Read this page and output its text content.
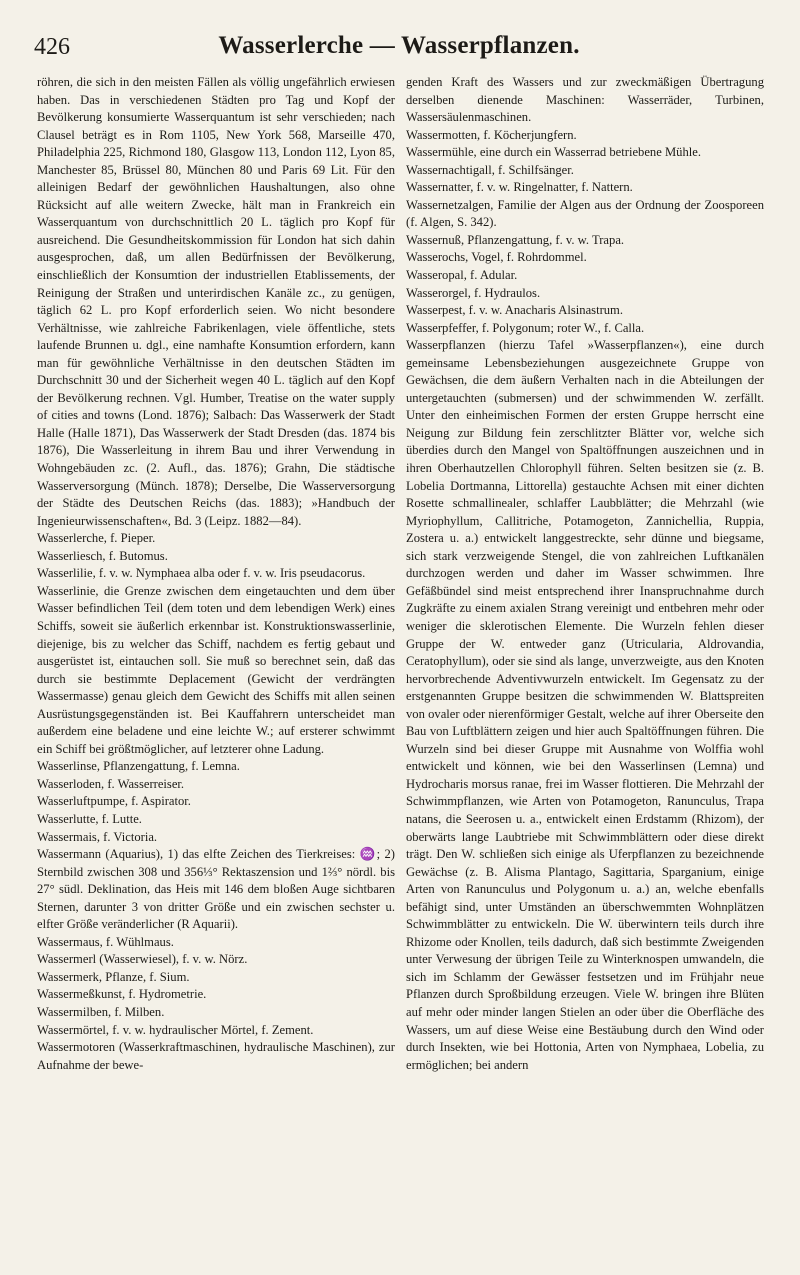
426	Wasserlerche — Wasserpflanzen.

röhren, die sich in den meisten Fällen als völlig ungefährlich erwiesen haben. Das in verschiedenen Städten pro Tag und Kopf der Bevölkerung konsumierte Wasserquantum ist sehr verschieden; nach Clausel beträgt es in Rom 1105, New York 568, Marseille 470, Philadelphia 225, Richmond 180, Glasgow 113, London 112, Lyon 85, Manchester 85, Brüssel 80, München 80 und Paris 69 Lit. Für den alleinigen Bedarf der gewöhnlichen Haushaltungen, also ohne Rücksicht auf alle weitern Zwecke, hält man in Frankreich ein Wasserquantum von durchschnittlich 20 L. täglich pro Kopf für ausreichend. Die Gesundheitskommission für London hat sich dahin ausgesprochen, daß, um allen Bedürfnissen der Bevölkerung, einschließlich der Konsumtion der industriellen Etablissements, der Reinigung der Straßen und unterirdischen Kanäle zc., zu genügen, täglich 62 L. pro Kopf erforderlich seien. Wo nicht besondere Verhältnisse, wie zahlreiche Fabrikenlagen, viele öffentliche, stets laufende Brunnen u. dgl., eine namhafte Konsumtion erfordern, kann man für gewöhnliche Verhältnisse in den deutschen Städten im Durchschnitt 30 und der Sicherheit wegen 40 L. täglich auf den Kopf der Bevölkerung rechnen. Vgl. Humber, Treatise on the water supply of cities and towns (Lond. 1876); Salbach: Das Wasserwerk der Stadt Halle (Halle 1871), Das Wasserwerk der Stadt Dresden (das. 1874 bis 1876), Die Wasserleitung in ihrem Bau und ihrer Verwendung in Wohngebäuden zc. (2. Aufl., das. 1876); Grahn, Die städtische Wasserversorgung (Münch. 1878); Derselbe, Die Wasserversorgung der Städte des Deutschen Reichs (das. 1883); »Handbuch der Ingenieurwissenschaften«, Bd. 3 (Leipz. 1882—84).

Wasserlerche, f. Pieper.

Wasserliesch, f. Butomus.

Wasserlilie, f. v. w. Nymphaea alba oder f. v. w. Iris pseudacorus.

Wasserlinie, die Grenze zwischen dem eingetauchten und dem über Wasser befindlichen Teil (dem toten und dem lebendigen Werk) eines Schiffs, soweit sie äußerlich erkennbar ist. Konstruktionswasserlinie, diejenige, bis zu welcher das Schiff, nachdem es fertig gebaut und ausgerüstet ist, eintauchen soll. Sie muß so berechnet sein, daß das durch sie bestimmte Deplacement (Gewicht der verdrängten Wassermasse) genau gleich dem Gewicht des Schiffs mit allen seinen Ausrüstungsgegenständen ist. Bei Kauffahrern unterscheidet man außerdem eine beladene und eine leichte W.; auf ersterer schwimmt ein Schiff bei größtmöglicher, auf letzterer ohne Ladung.

Wasserlinse, Pflanzengattung, f. Lemna.

Wasserloden, f. Wasserreiser.

Wasserluftpumpe, f. Aspirator.

Wasserlutte, f. Lutte.

Wassermais, f. Victoria.

Wassermann (Aquarius), 1) das elfte Zeichen des Tierkreises: ♒; 2) Sternbild zwischen 308 und 356⅓° Rektaszension und 1⅔° nördl. bis 27° südl. Deklination, das Heis mit 146 dem bloßen Auge sichtbaren Sternen, darunter 3 von dritter Größe und ein zwischen sechster u. elfter Größe veränderlicher (R Aquarii).

Wassermaus, f. Wühlmaus.

Wassermerl (Wasserwiesel), f. v. w. Nörz.

Wassermerk, Pflanze, f. Sium.

Wassermeßkunst, f. Hydrometrie.

Wassermilben, f. Milben.

Wassermörtel, f. v. w. hydraulischer Mörtel, f. Zement.

Wassermotoren (Wasserkraftmaschinen, hydraulische Maschinen), zur Aufnahme der bewe-

genden Kraft des Wassers und zur zweckmäßigen Übertragung derselben dienende Maschinen: Wasserräder, Turbinen, Wassersäulenmaschinen.

Wassermotten, f. Köcherjungfern.

Wassermühle, eine durch ein Wasserrad betriebene Mühle.

Wassernachtigall, f. Schilfsänger.

Wassernatter, f. v. w. Ringelnatter, f. Nattern.

Wassernetzalgen, Familie der Algen aus der Ordnung der Zoosporeen (f. Algen, S. 342).

Wassernuß, Pflanzengattung, f. v. w. Trapa.

Wasserochs, Vogel, f. Rohrdommel.

Wasseropal, f. Adular.

Wasserorgel, f. Hydraulos.

Wasserpest, f. v. w. Anacharis Alsinastrum.

Wasserpfeffer, f. Polygonum; roter W., f. Calla.

Wasserpflanzen (hierzu Tafel »Wasserpflanzen«), eine durch gemeinsame Lebensbeziehungen ausgezeichnete Gruppe von Gewächsen, die dem äußern Verhalten nach in die Abteilungen der untergetauchten (submersen) und der schwimmenden W. zerfällt. Unter den einheimischen Formen der ersten Gruppe herrscht eine Neigung zur Bildung fein zerschlitzter Blätter vor, welche sich überdies durch den Mangel von Spaltöffnungen auszeichnen und in ihren Oberhautzellen Chlorophyll führen. Selten besitzen sie (z. B. Lobelia Dortmanna, Littorella) gestauchte Achsen mit einer dichten Rosette schmallinealer, schlaffer Laubblätter; die Mehrzahl (wie Myriophyllum, Callitriche, Potamogeton, Zannichellia, Ruppia, Zostera u. a.) entwickelt langgestreckte, sehr dünne und biegsame, sich stark verzweigende Stengel, die von zahlreichen Luftkanälen durchzogen werden und daher im Wasser schwimmen. Ihre Gefäßbündel sind meist entsprechend ihrer Inanspruchnahme durch Zugkräfte zu einem axialen Strang vereinigt und entbehren mehr oder weniger die sklerotischen Elemente. Die Wurzeln fehlen dieser Gruppe der W. entweder ganz (Utricularia, Aldrovandia, Ceratophyllum), oder sie sind als lange, unverzweigte, aus den Knoten hervorbrechende Adventivwurzeln entwickelt. Im Gegensatz zu der erstgenannten Gruppe besitzen die schwimmenden W. Blattspreiten von ovaler oder nierenförmiger Gestalt, welche auf ihrer Oberseite den Bau von Luftblättern zeigen und hier auch Spaltöffnungen führen. Die Wurzeln sind bei dieser Gruppe mit Ausnahme von Wolffia wohl entwickelt und können, wie bei den Wasserlinsen (Lemna) und Hydrocharis morsus ranae, frei im Wasser flottieren. Die Mehrzahl der Schwimmpflanzen, wie Arten von Potamogeton, Ranunculus, Trapa natans, die Seerosen u. a., entwickelt einen Erdstamm (Rhizom), der oberwärts lange Laubtriebe mit Schwimmblättern oder diese direkt trägt. Den W. schließen sich einige als Uferpflanzen zu bezeichnende Gewächse (z. B. Alisma Plantago, Sagittaria, Sparganium, einige Arten von Ranunculus und Polygonum u. a.) an, welche ebenfalls befähigt sind, unter Umständen an überschwemmten Wohnplätzen Schwimmblätter zu entwickeln. Die W. überwintern teils durch ihre Rhizome oder Knollen, teils dadurch, daß sich bestimmte Zweigenden unter Verwesung der übrigen Teile zu Winterknospen umwandeln, die sich im Schlamm der Gewässer festsetzen und im Frühjahr neue Pflanzen durch Sproßbildung erzeugen. Viele W. bringen ihre Blüten auf mehr oder minder langen Stielen an oder über die Oberfläche des Wassers, um auf diese Weise eine Bestäubung durch den Wind oder durch Insekten, wie bei Hottonia, Arten von Nymphaea, Lobelia, zu ermöglichen; bei andern
